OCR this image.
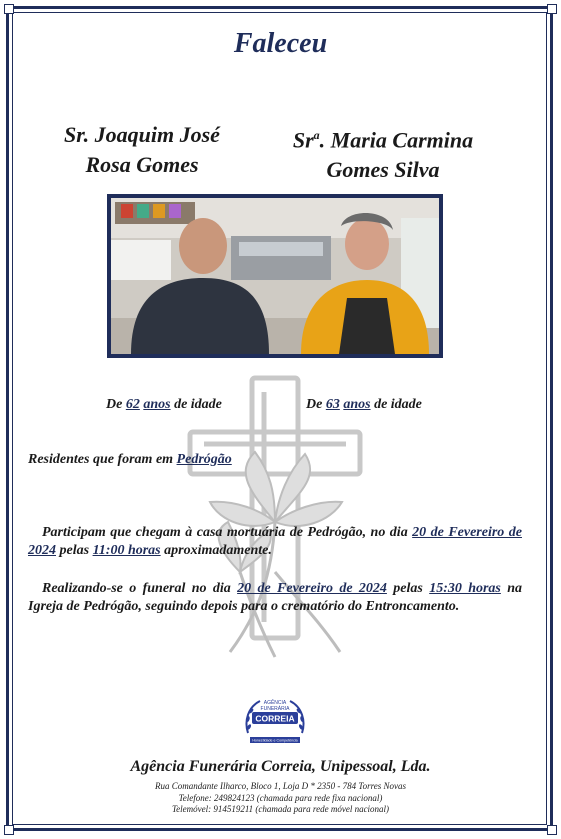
Faleceu
Sr. Joaquim José
Rosa Gomes
Sr$^a$. Maria Carmina
Gomes Silva
De 62 anos de idade	De 63 anos de idade
Residentes que foram em Pedrógão
Participam que chegam à casa mortuária de Pedrógão, no dia 20 de Fevereiro de 2024 pelas 11:00 horas aproximadamente.
Realizando-se o funeral no dia 20 de Fevereiro de 2024 pelas 15:30 horas na Igreja de Pedrógão, seguindo depois para o crematório do Entroncamento.
AGÊNCIA
FUNERÁRIA
CORREIA
Honestidade e Competência
Agência Funerária Correia, Unipessoal, Lda.
Rua Comandante Ilharco, Bloco 1, Loja D * 2350 - 784 Torres Novas
Telefone: 249824123 (chamada para rede fixa nacional)
Telemóvel: 914519211 (chamada para rede móvel nacional)
